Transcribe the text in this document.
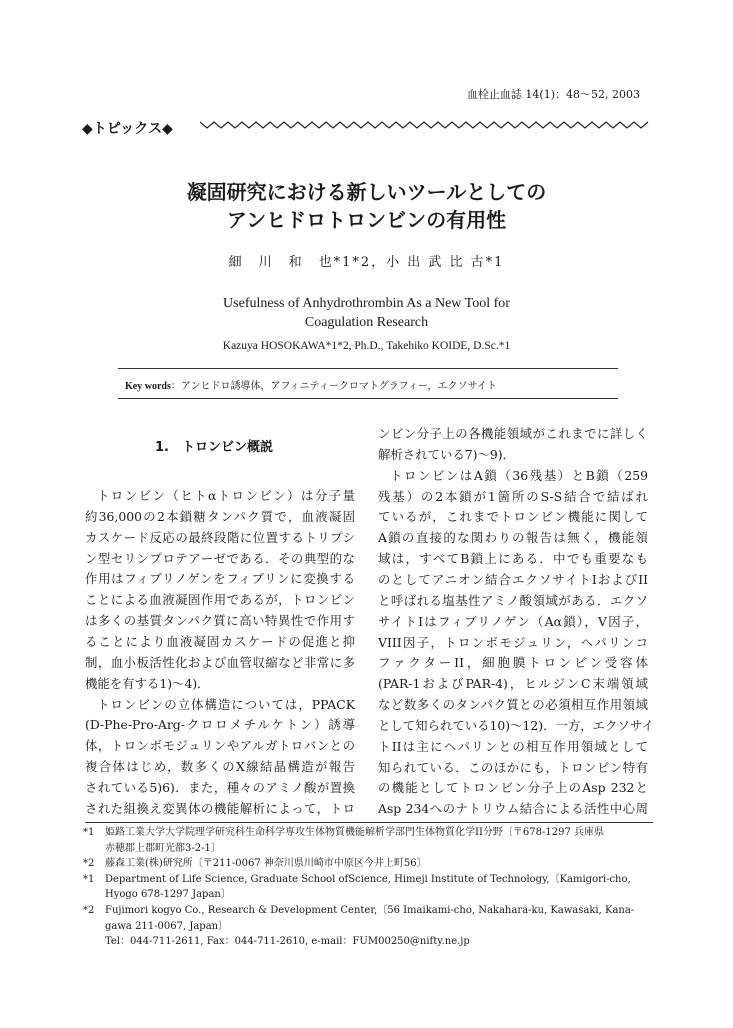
血栓止血誌 14(1)：48〜52, 2003
◆トピックス◆
凝固研究における新しいツールとしての
アンヒドロトロンビンの有用性
細　川　和　也*1*2，小 出 武 比 古*1
Usefulness of Anhydrothrombin As a New Tool for
Coagulation Research
Kazuya HOSOKAWA*1*2, Ph.D., Takehiko KOIDE, D.Sc.*1
Key words：アンヒドロ誘導体，アフィニティークロマトグラフィー，エクソサイト
1.　トロンビン概説
トロンビン（ヒトαトロンビン）は分子量
約36,000の2本鎖糖タンパク質で，血液凝固
カスケード反応の最終段階に位置するトリプシ
ン型セリンプロテアーゼである．その典型的な
作用はフィブリノゲンをフィブリンに変換する
ことによる血液凝固作用であるが，トロンビン
は多くの基質タンパク質に高い特異性で作用す
ることにより血液凝固カスケードの促進と抑
制，血小板活性化および血管収縮など非常に多
機能を有する1)〜4)．
トロンビンの立体構造については，PPACK
(D-Phe-Pro-Arg-クロロメチルケトン）誘導
体，トロンボモジュリンやアルガトロバンとの
複合体はじめ，数多くのX線結晶構造が報告
されている5)6)．また，種々のアミノ酸が置換
された組換え変異体の機能解析によって，トロ
ンビン分子上の各機能領域がこれまでに詳しく
解析されている7)〜9)．
トロンビンはA鎖（36残基）とB鎖（259
残基）の2本鎖が1箇所のS-S結合で結ばれ
ているが，これまでトロンビン機能に関して
A鎖の直接的な関わりの報告は無く，機能領
域は，すべてB鎖上にある．中でも重要なも
のとしてアニオン結合エクソサイトIおよびII
と呼ばれる塩基性アミノ酸領域がある．エクソ
サイトIはフィブリノゲン（Aα鎖），V因子，
VIII因子，トロンボモジュリン，ヘパリンコ
ファクターII，細胞膜トロンビン受容体
(PAR-1およびPAR-4)，ヒルジンC末端領域
など数多くのタンパク質との必須相互作用領域
として知られている10)〜12)．一方，エクソサイ
トIIは主にヘパリンとの相互作用領域として
知られている．このほかにも，トロンビン特有
の機能としてトロンビン分子上のAsp 232と
Asp 234へのナトリウム結合による活性中心周
*1 姫路工業大学大学院理学研究科生命科学専攻生体物質機能解析学部門生体物質化学II分野〔〒678-1297 兵庫県
赤穂郡上郡町光都3-2-1〕
*2 藤森工業(株)研究所〔〒211-0067 神奈川県川崎市中原区今井上町56〕
*1 Department of Life Science, Graduate School ofScience, Himeji Institute of Technology,〔Kamigori-cho,
Hyogo 678-1297 Japan〕
*2 Fujimori kogyo Co., Research & Development Center,〔56 Imaikami-cho, Nakahara-ku, Kawasaki, Kana-
gawa 211-0067, Japan〕
Tel：044-711-2611, Fax：044-711-2610, e-mail：FUM00250@nifty.ne.jp
